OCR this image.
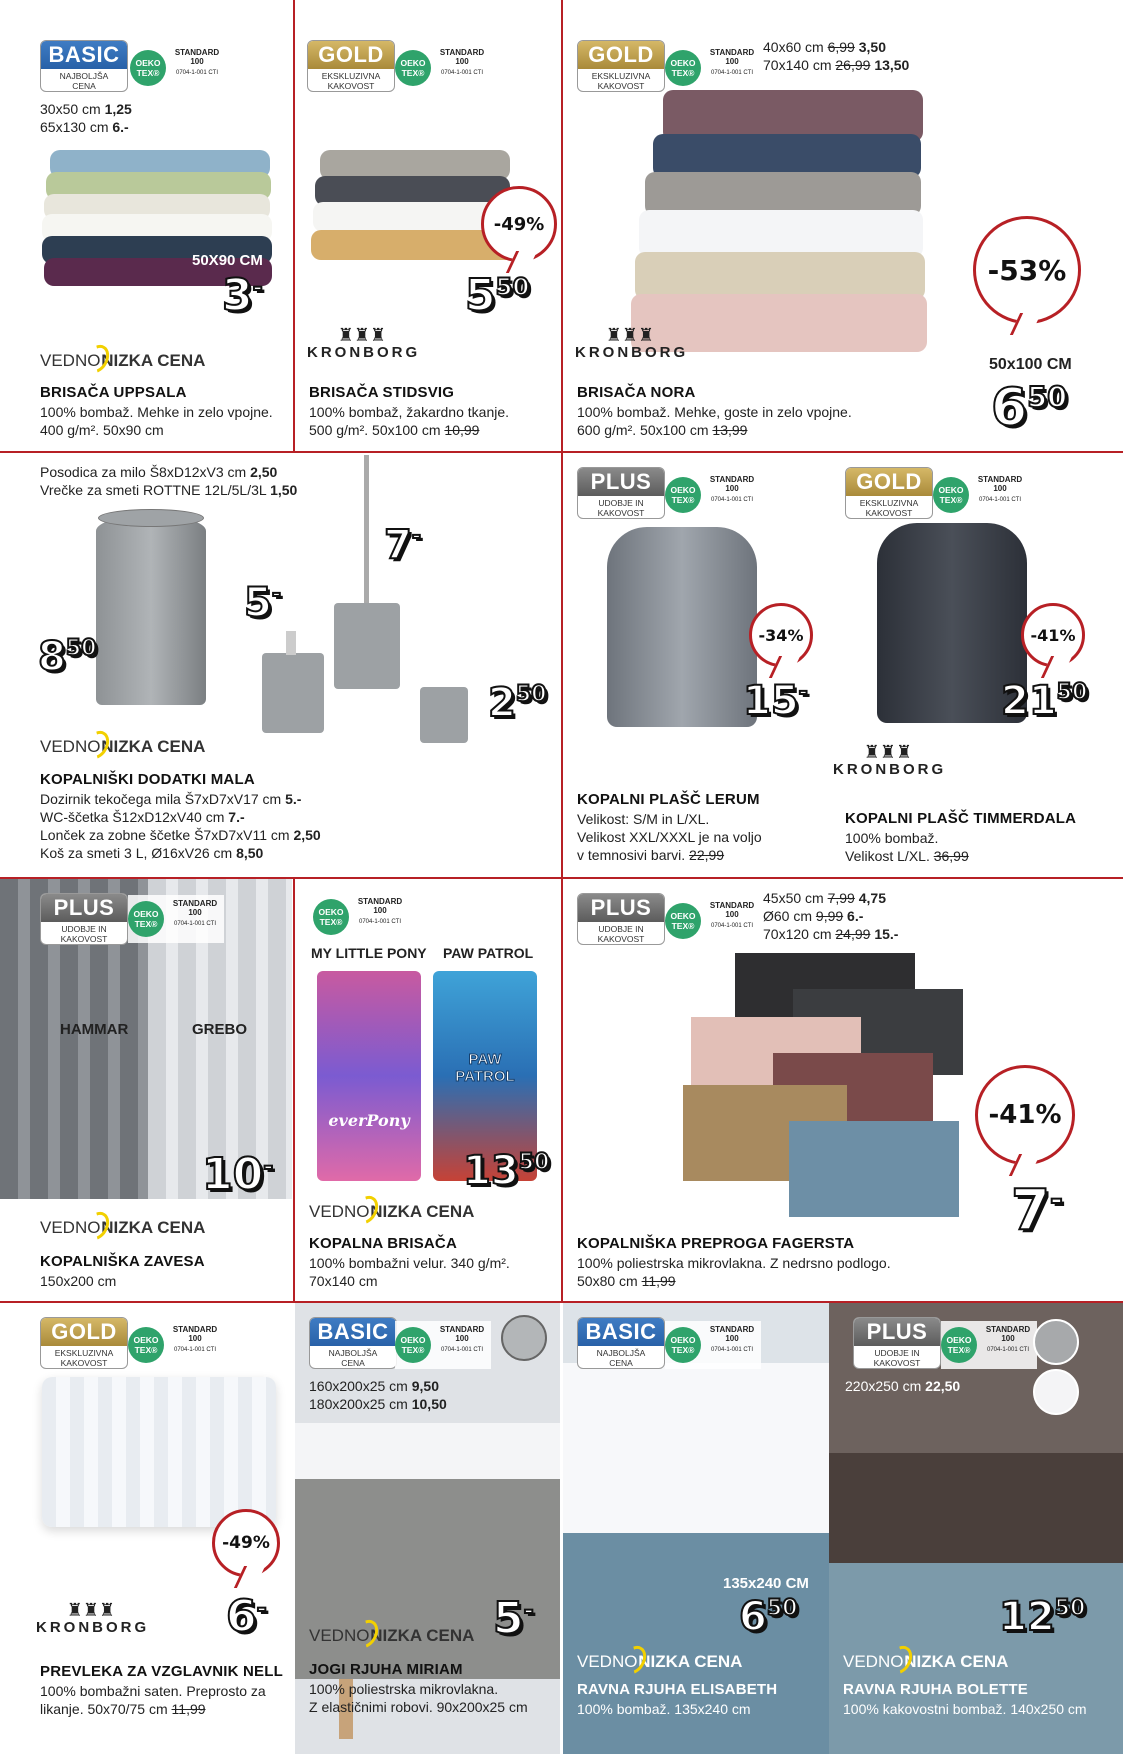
BASIC
NAJBOLJŠA
CENA
OEKO
TEX®
STANDARD
100
0704-1-001 CTI
30x50 cm 1,25
65x130 cm 6.-
50X90 CM
3-
VEDNO NIZKA CENA
BRISAČA UPPSALA
100% bombaž. Mehke in zelo vpojne.
400 g/m². 50x90 cm
GOLD
EKSKLUZIVNA
KAKOVOST
OEKO
TEX®
STANDARD
100
0704-1-001 CTI
-49%
$5^{50}$
♜♜♜
KRONBORG
BRISAČA STIDSVIG
100% bombaž, žakardno tkanje.
500 g/m². 50x100 cm 10,99
GOLD
EKSKLUZIVNA
KAKOVOST
OEKO
TEX®
STANDARD
100
0704-1-001 CTI
40x60 cm 6,99 3,50
70x140 cm 26,99 13,50
-53%
50x100 CM
$6^{50}$
♜♜♜
KRONBORG
BRISAČA NORA
100% bombaž. Mehke, goste in zelo vpojne.
600 g/m². 50x100 cm 13,99
Posodica za milo Š8xD12xV3 cm 2,50
Vrečke za smeti ROTTNE 12L/5L/3L 1,50
$8^{50}$
5-
7-
$2^{50}$
VEDNO NIZKA CENA
KOPALNIŠKI DODATKI MALA
Dozirnik tekočega mila Š7xD7xV17 cm 5.-
WC-ščetka Š12xD12xV40 cm 7.-
Lonček za zobne ščetke Š7xD7xV11 cm 2,50
Koš za smeti 3 L, Ø16xV26 cm 8,50
PLUS
UDOBJE IN
KAKOVOST
OEKO
TEX®
STANDARD
100
0704-1-001 CTI
-34%
15-
KOPALNI PLAŠČ LERUM
Velikost: S/M in L/XL.
Velikost XXL/XXXL je na voljo
v temnosivi barvi. 22,99
GOLD
EKSKLUZIVNA
KAKOVOST
OEKO
TEX®
STANDARD
100
0704-1-001 CTI
-41%
$21^{50}$
♜♜♜
KRONBORG
KOPALNI PLAŠČ TIMMERDALA
100% bombaž.
Velikost L/XL. 36,99
PLUS
UDOBJE IN
KAKOVOST
OEKO
TEX®
STANDARD
100
0704-1-001 CTI
HAMMAR	GREBO
10-
VEDNO NIZKA CENA
KOPALNIŠKA ZAVESA
150x200 cm
OEKO
TEX®
STANDARD
100
0704-1-001 CTI
MY LITTLE PONY PAW PATROL
everPony
PAW PATROL
$13^{50}$
VEDNO NIZKA CENA
KOPALNA BRISAČA
100% bombažni velur. 340 g/m².
70x140 cm
PLUS
UDOBJE IN
KAKOVOST
OEKO
TEX®
STANDARD
100
0704-1-001 CTI
45x50 cm 7,99 4,75
Ø60 cm 9,99 6.-
70x120 cm 24,99 15.-
-41%
7-
KOPALNIŠKA PREPROGA FAGERSTA
100% poliestrska mikrovlakna. Z nedrsno podlogo.
50x80 cm 11,99
GOLD
EKSKLUZIVNA
KAKOVOST
OEKO
TEX®
STANDARD
100
0704-1-001 CTI
-49%
6-
♜♜♜
KRONBORG
PREVLEKA ZA VZGLAVNIK NELL
100% bombažni saten. Preprosto za
likanje. 50x70/75 cm 11,99
BASIC
NAJBOLJŠA
CENA
OEKO
TEX®
STANDARD
100
0704-1-001 CTI
160x200x25 cm 9,50
180x200x25 cm 10,50
5-
VEDNO NIZKA CENA
JOGI RJUHA MIRIAM
100% poliestrska mikrovlakna.
Z elastičnimi robovi. 90x200x25 cm
BASIC
NAJBOLJŠA
CENA
OEKO
TEX®
STANDARD
100
0704-1-001 CTI
135x240 CM
$6^{50}$
VEDNO NIZKA CENA
RAVNA RJUHA ELISABETH
100% bombaž. 135x240 cm
PLUS
UDOBJE IN
KAKOVOST
OEKO
TEX®
STANDARD
100
0704-1-001 CTI
220x250 cm 22,50
$12^{50}$
VEDNO NIZKA CENA
RAVNA RJUHA BOLETTE
100% kakovostni bombaž. 140x250 cm
